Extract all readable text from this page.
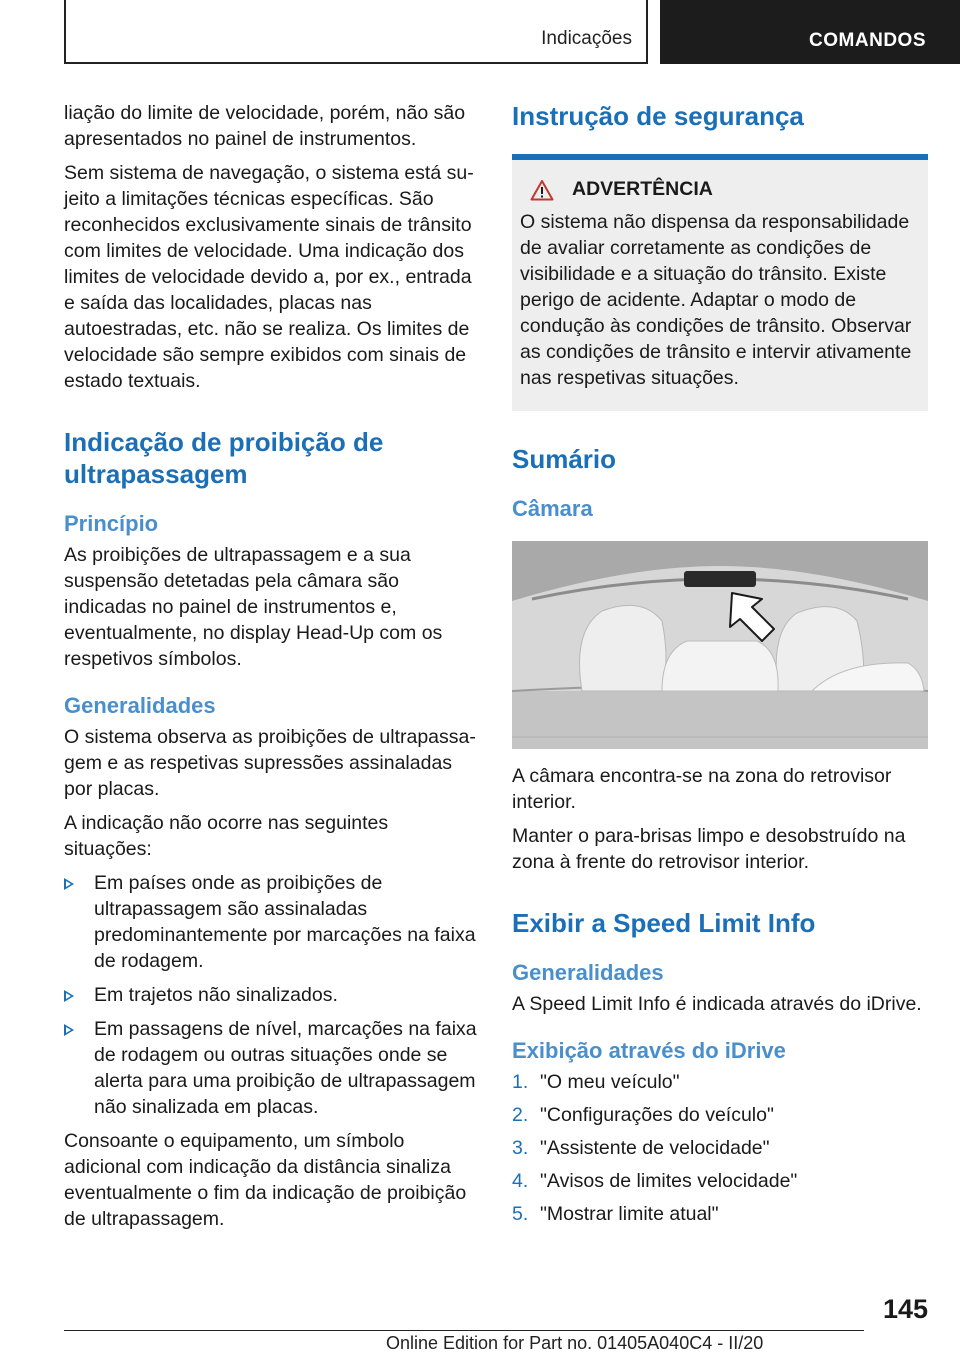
Indicações	COMANDOS

liação do limite de velocidade, porém, não são apresentados no painel de instrumentos.

Sem sistema de navegação, o sistema está sujeito a limitações técnicas específicas. São reconhecidos exclusivamente sinais de trânsito com limites de velocidade. Uma indicação dos limites de velocidade devido a, por ex., entrada e saída das localidades, placas nas autoestradas, etc. não se realiza. Os limites de velocidade são sempre exibidos com sinais de estado textuais.

Indicação de proibição de ultrapassagem
Princípio

As proibições de ultrapassagem e a sua suspensão detetadas pela câmara são indicadas no painel de instrumentos e, eventualmente, no display Head-Up com os respetivos símbolos.

Generalidades

O sistema observa as proibições de ultrapassagem e as respetivas supressões assinaladas por placas.

A indicação não ocorre nas seguintes situações:

Em países onde as proibições de ultrapassagem são assinaladas predominantemente por marcações na faixa de rodagem.
Em trajetos não sinalizados.
Em passagens de nível, marcações na faixa de rodagem ou outras situações onde se alerta para uma proibição de ultrapassagem não sinalizada em placas.

Consoante o equipamento, um símbolo adicional com indicação da distância sinaliza eventualmente o fim da indicação de proibição de ultrapassagem.

Instrução de segurança
ADVERTÊNCIA

O sistema não dispensa da responsabilidade de avaliar corretamente as condições de visibilidade e a situação do trânsito. Existe perigo de acidente. Adaptar o modo de condução às condições de trânsito. Observar as condições de trânsito e intervir ativamente nas respetivas situações.

Sumário
Câmara

A câmara encontra-se na zona do retrovisor interior.

Manter o para-brisas limpo e desobstruído na zona à frente do retrovisor interior.

Exibir a Speed Limit Info
Generalidades

A Speed Limit Info é indicada através do iDrive.

Exibição através do iDrive
1. "O meu veículo"
2. "Configurações do veículo"
3. "Assistente de velocidade"
4. "Avisos de limites velocidade"
5. "Mostrar limite atual"
145
Online Edition for Part no. 01405A040C4 - II/20
